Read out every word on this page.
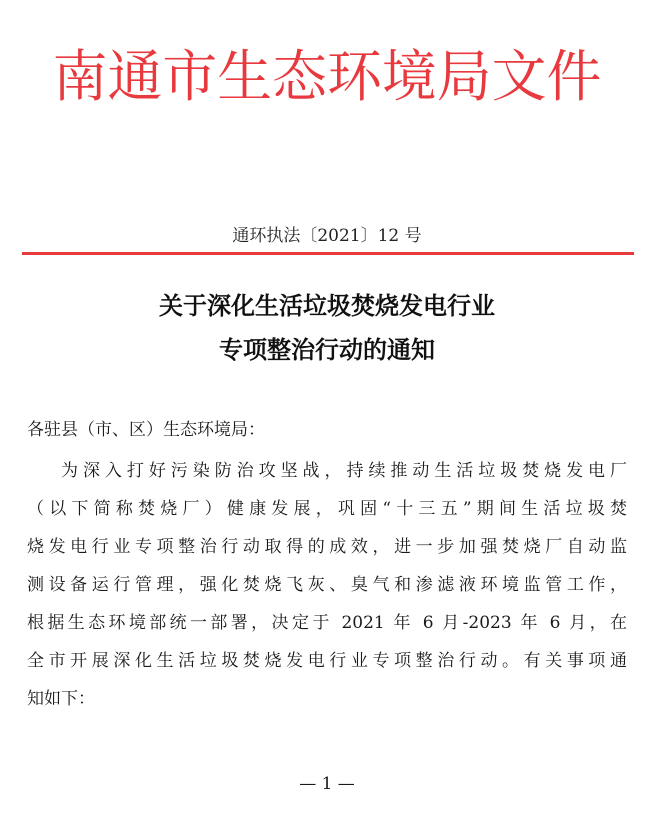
南通市生态环境局文件
通环执法〔2021〕12 号
关于深化生活垃圾焚烧发电行业
专项整治行动的通知
各驻县（市、区）生态环境局：
为深入打好污染防治攻坚战，持续推动生活垃圾焚烧发电厂
（以下简称焚烧厂）健康发展，巩固“十三五”期间生活垃圾焚
烧发电行业专项整治行动取得的成效，进一步加强焚烧厂自动监
测设备运行管理，强化焚烧飞灰、臭气和渗滤液环境监管工作，
根据生态环境部统一部署，决定于 2021 年 6 月-2023 年 6 月，在
全市开展深化生活垃圾焚烧发电行业专项整治行动。有关事项通
知如下：
— 1 —
